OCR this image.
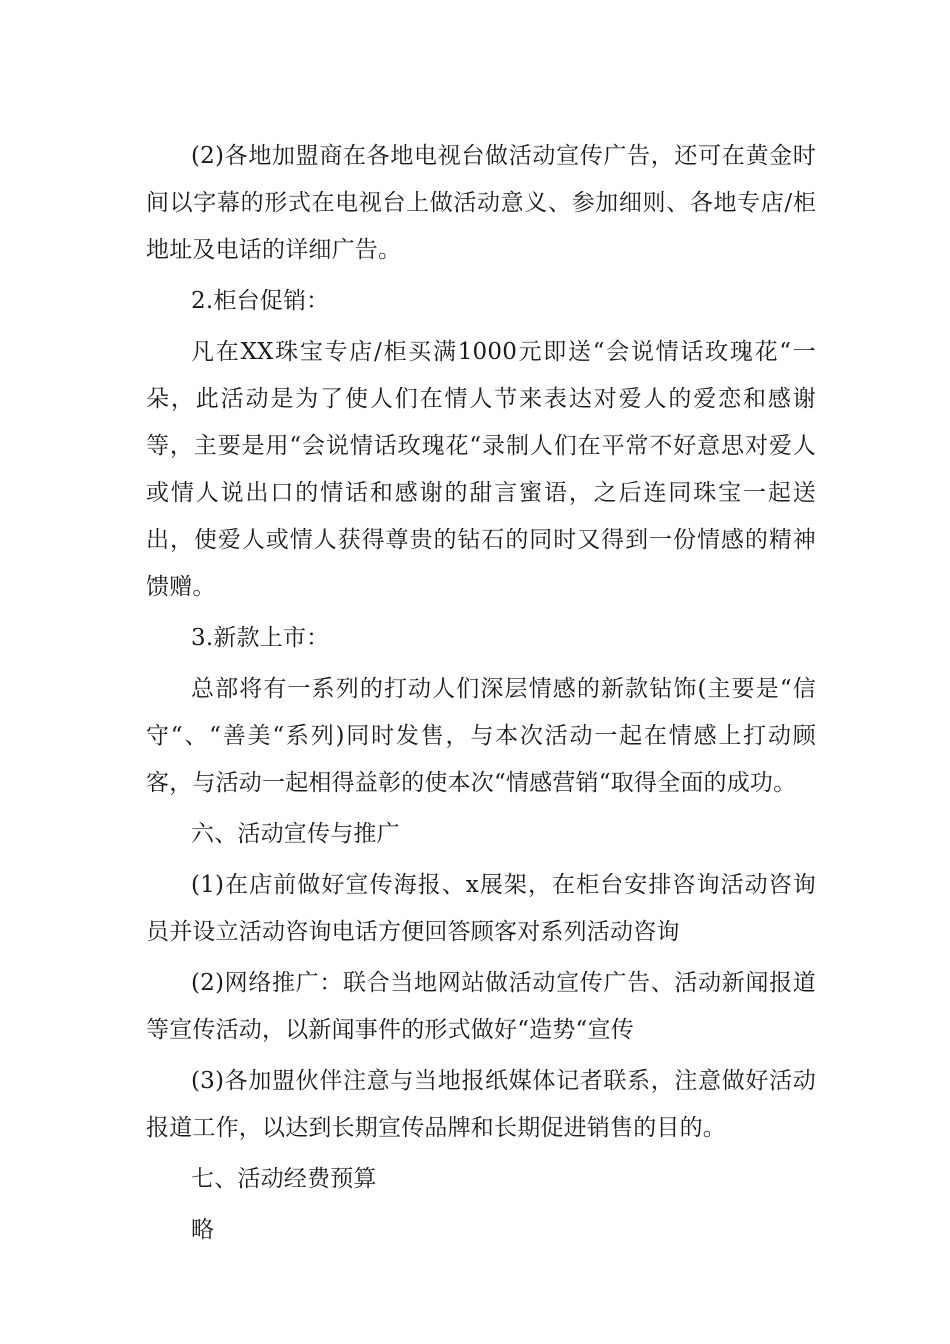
(2)各地加盟商在各地电视台做活动宣传广告，还可在黄金时间以字幕的形式在电视台上做活动意义、参加细则、各地专店/柜地址及电话的详细广告。

2.柜台促销：

凡在XX珠宝专店/柜买满1000元即送“会说情话玫瑰花“一朵，此活动是为了使人们在情人节来表达对爱人的爱恋和感谢等，主要是用“会说情话玫瑰花“录制人们在平常不好意思对爱人或情人说出口的情话和感谢的甜言蜜语，之后连同珠宝一起送出，使爱人或情人获得尊贵的钻石的同时又得到一份情感的精神馈赠。

3.新款上市：

总部将有一系列的打动人们深层情感的新款钻饰(主要是“信守“、“善美“系列)同时发售，与本次活动一起在情感上打动顾客，与活动一起相得益彰的使本次“情感营销“取得全面的成功。

六、活动宣传与推广

(1)在店前做好宣传海报、x展架，在柜台安排咨询活动咨询员并设立活动咨询电话方便回答顾客对系列活动咨询

(2)网络推广：联合当地网站做活动宣传广告、活动新闻报道等宣传活动，以新闻事件的形式做好“造势“宣传

(3)各加盟伙伴注意与当地报纸媒体记者联系，注意做好活动报道工作，以达到长期宣传品牌和长期促进销售的目的。

七、活动经费预算

略
